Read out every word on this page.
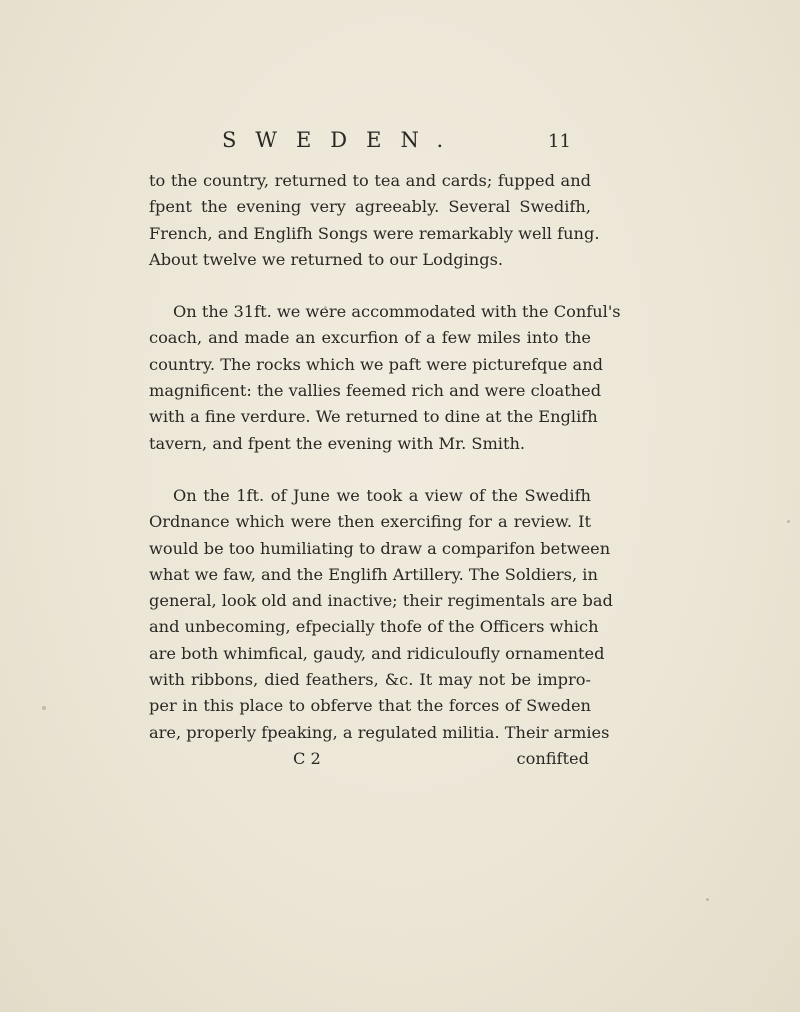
SWEDEN.	11

to the country, returned to tea and cards; fupped and

fpent the evening very agreeably. Several Swedifh,

French, and Englifh Songs were remarkably well fung.

About twelve we returned to our Lodgings.

On the 31ft. we were accommodated with the Conful's

coach, and made an excurfion of a few miles into the

country. The rocks which we paft were picturefque and

magnificent: the vallies feemed rich and were cloathed

with a fine verdure. We returned to dine at the Englifh

tavern, and fpent the evening with Mr. Smith.

On the 1ft. of June we took a view of the Swedifh

Ordnance which were then exercifing for a review. It

would be too humiliating to draw a comparifon between

what we faw, and the Englifh Artillery. The Soldiers, in

general, look old and inactive; their regimentals are bad

and unbecoming, efpecially thofe of the Officers which

are both whimfical, gaudy, and ridiculoufly ornamented

with ribbons, died feathers, &c. It may not be impro-

per in this place to obferve that the forces of Sweden

are, properly fpeaking, a regulated militia. Their armies

C 2	confifted
